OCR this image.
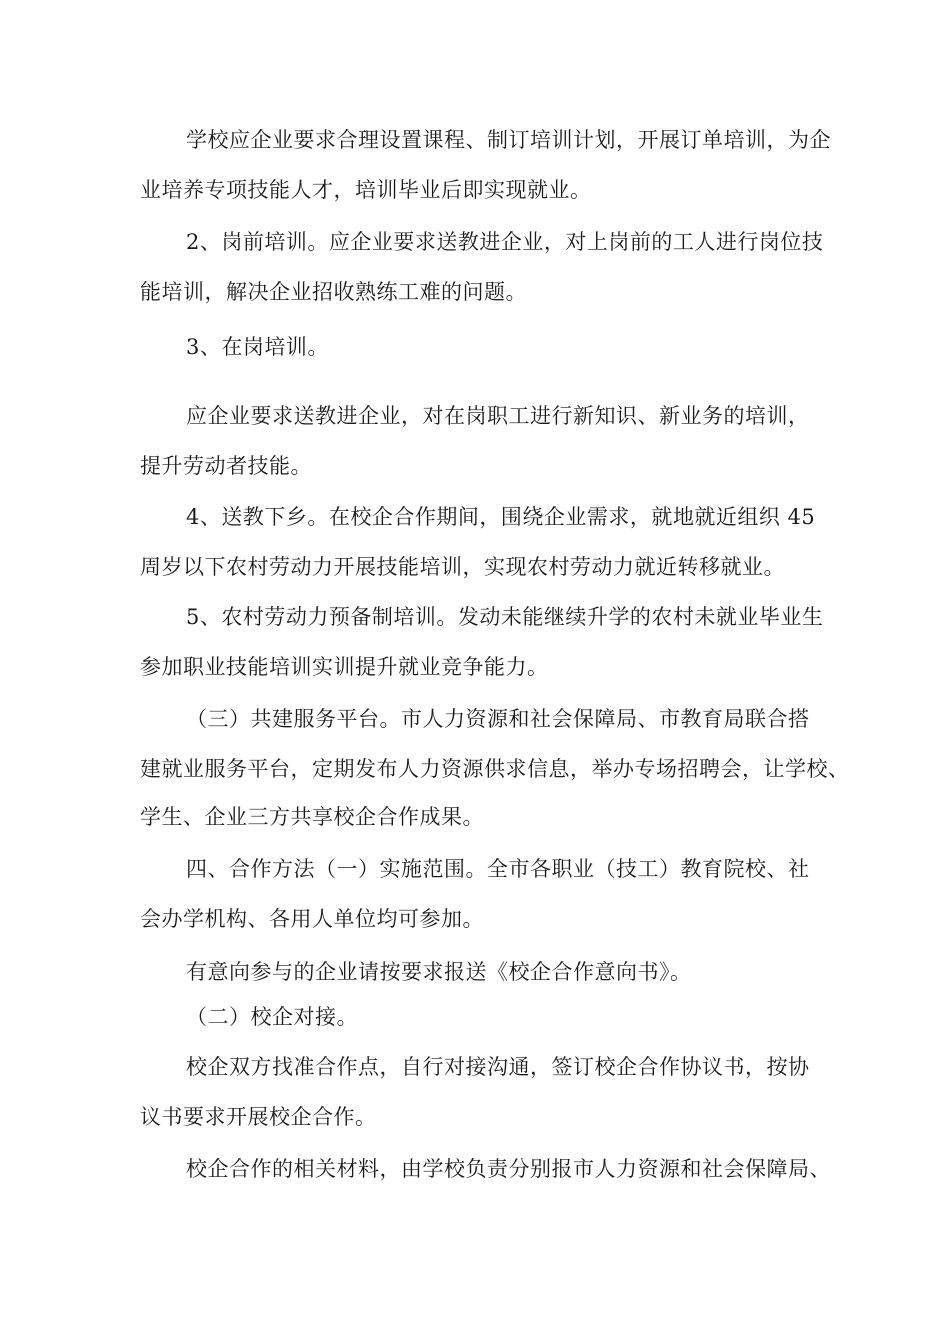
学校应企业要求合理设置课程、制订培训计划，开展订单培训，为企
业培养专项技能人才，培训毕业后即实现就业。
2、岗前培训。应企业要求送教进企业，对上岗前的工人进行岗位技
能培训，解决企业招收熟练工难的问题。
3、在岗培训。
应企业要求送教进企业，对在岗职工进行新知识、新业务的培训，
提升劳动者技能。
4、送教下乡。在校企合作期间，围绕企业需求，就地就近组织 45
周岁以下农村劳动力开展技能培训，实现农村劳动力就近转移就业。
5、农村劳动力预备制培训。发动未能继续升学的农村未就业毕业生
参加职业技能培训实训提升就业竞争能力。
（三）共建服务平台。市人力资源和社会保障局、市教育局联合搭
建就业服务平台，定期发布人力资源供求信息，举办专场招聘会，让学校、
学生、企业三方共享校企合作成果。
四、合作方法（一）实施范围。全市各职业（技工）教育院校、社
会办学机构、各用人单位均可参加。
有意向参与的企业请按要求报送《校企合作意向书》。
（二）校企对接。
校企双方找准合作点，自行对接沟通，签订校企合作协议书，按协
议书要求开展校企合作。
校企合作的相关材料，由学校负责分别报市人力资源和社会保障局、
